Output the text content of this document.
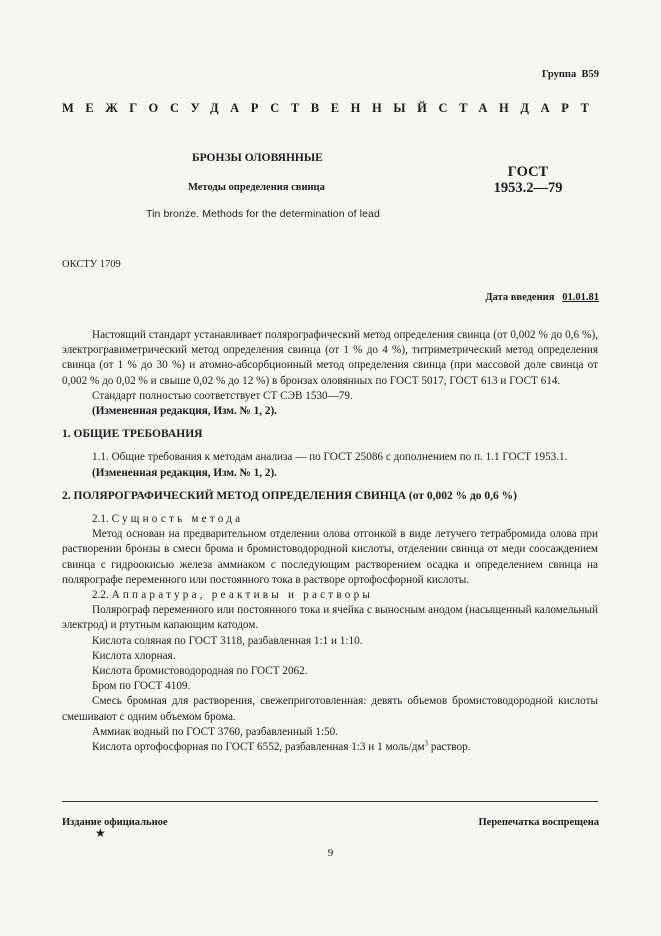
Группа В59
МЕЖГОСУДАРСТВЕННЫЙ СТАНДАРТ
БРОНЗЫ ОЛОВЯННЫЕ
Методы определения свинца
Tin bronze. Methods for the determination of lead
ГОСТ
1953.2—79
ОКСТУ 1709
Дата введения 01.01.81

Настоящий стандарт устанавливает полярографический метод определения свинца (от 0,002 % до 0,6 %), электрогравиметрический метод определения свинца (от 1 % до 4 %), титриметрический метод определения свинца (от 1 % до 30 %) и атомно-абсорбционный метод определения свинца (при массовой доле свинца от 0,002 % до 0,02 % и свыше 0,02 % до 12 %) в бронзах оловянных по ГОСТ 5017, ГОСТ 613 и ГОСТ 614.

Стандарт полностью соответствует СТ СЭВ 1530—79.

(Измененная редакция, Изм. № 1, 2).

1. ОБЩИЕ ТРЕБОВАНИЯ

1.1. Общие требования к методам анализа — по ГОСТ 25086 с дополнением по п. 1.1 ГОСТ 1953.1.

(Измененная редакция, Изм. № 1, 2).

2. ПОЛЯРОГРАФИЧЕСКИЙ МЕТОД ОПРЕДЕЛЕНИЯ СВИНЦА (от 0,002 % до 0,6 %)

2.1. Сущность метода

Метод основан на предварительном отделении олова отгонкой в виде летучего тетрабромида олова при растворении бронзы в смеси брома и бромистоводородной кислоты, отделении свинца от меди соосаждением свинца с гидроокисью железа аммиаком с последующим растворением осадка и определением свинца на полярографе переменного или постоянного тока в растворе ортофосфорной кислоты.

2.2. Аппаратура, реактивы и растворы

Полярограф переменного или постоянного тока и ячейка с выносным анодом (насыщенный каломельный электрод) и ртутным капающим катодом.

Кислота соляная по ГОСТ 3118, разбавленная 1:1 и 1:10.

Кислота хлорная.

Кислота бромистоводородная по ГОСТ 2062.

Бром по ГОСТ 4109.

Смесь бромная для растворения, свежеприготовленная: девять объемов бромистоводородной кислоты смешивают с одним объемом брома.

Аммиак водный по ГОСТ 3760, разбавленный 1:50.

Кислота ортофосфорная по ГОСТ 6552, разбавленная 1:3 и 1 моль/$дм^3$ раствор.

Издание официальное	Перепечатка воспрещена
★
9
